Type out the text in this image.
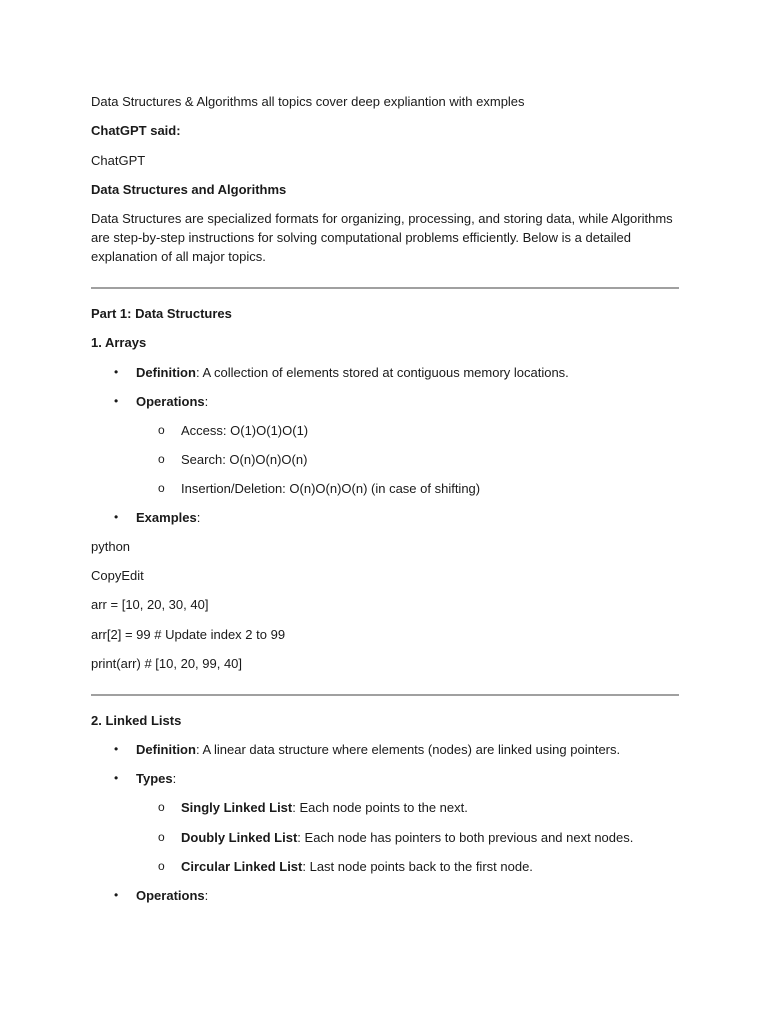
Data Structures & Algorithms all topics cover deep expliantion with exmples

ChatGPT said:

ChatGPT

Data Structures and Algorithms

Data Structures are specialized formats for organizing, processing, and storing data, while Algorithms are step-by-step instructions for solving computational problems efficiently. Below is a detailed explanation of all major topics.

Part 1: Data Structures

1. Arrays

• Definition: A collection of elements stored at contiguous memory locations.
• Operations:
o Access: O(1)O(1)O(1)
o Search: O(n)O(n)O(n)
o Insertion/Deletion: O(n)O(n)O(n) (in case of shifting)
• Examples:

python

CopyEdit

arr = [10, 20, 30, 40]

arr[2] = 99 # Update index 2 to 99

print(arr) # [10, 20, 99, 40]

2. Linked Lists

• Definition: A linear data structure where elements (nodes) are linked using pointers.
• Types:
o Singly Linked List: Each node points to the next.
o Doubly Linked List: Each node has pointers to both previous and next nodes.
o Circular Linked List: Last node points back to the first node.
• Operations:
